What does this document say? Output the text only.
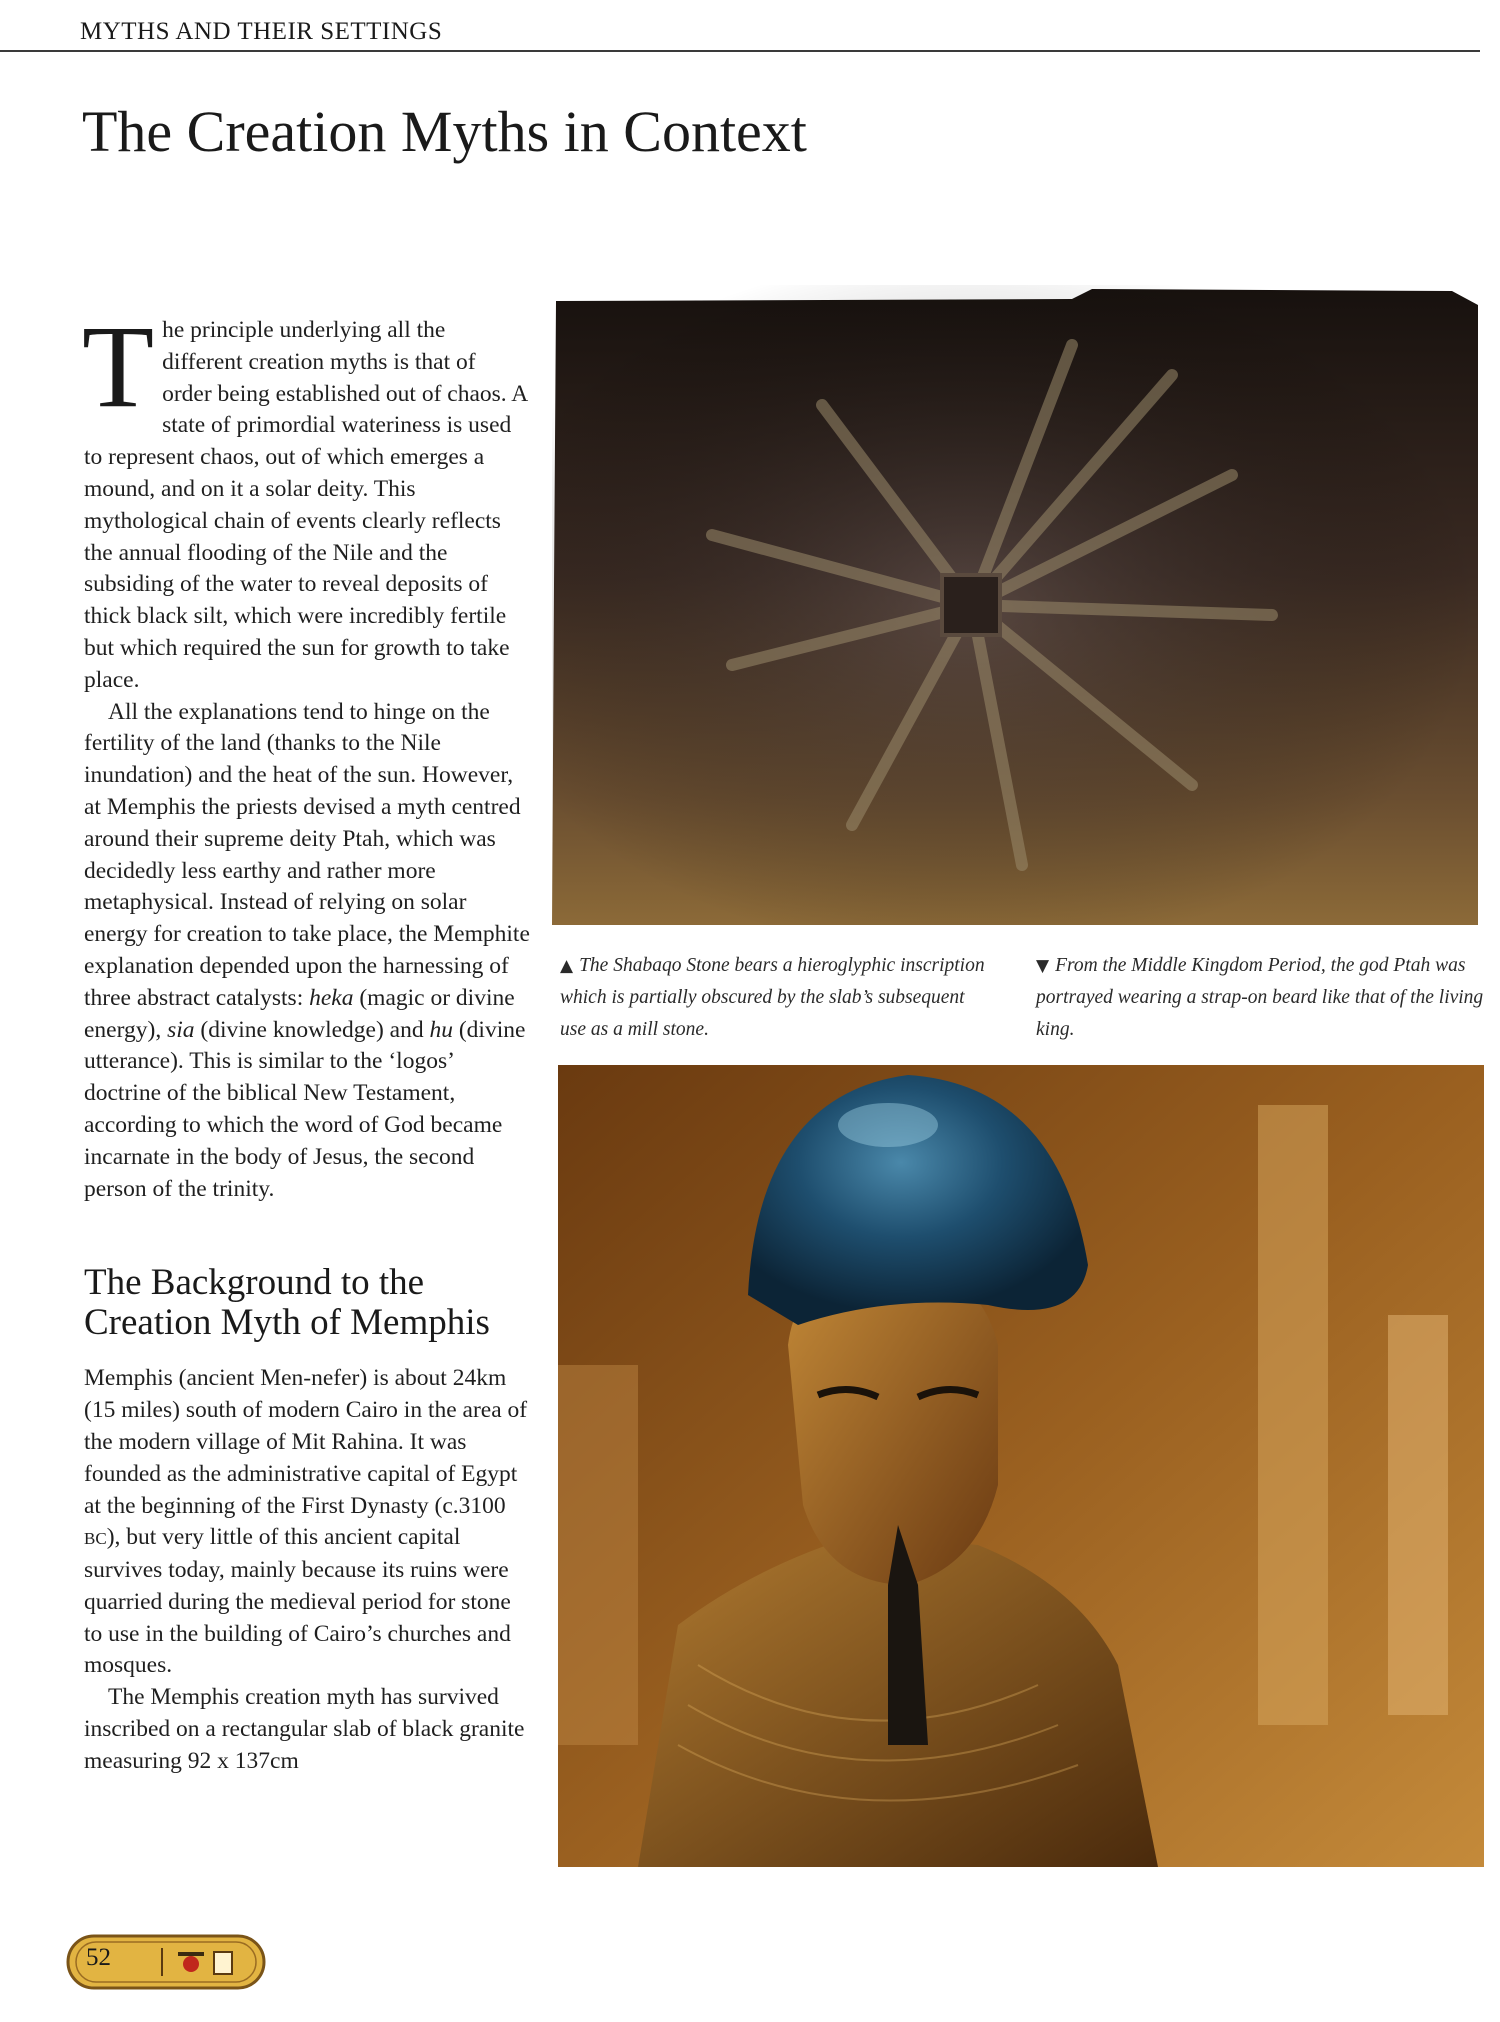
MYTHS AND THEIR SETTINGS
The Creation Myths in Context

The principle underlying all the different creation myths is that of order being established out of chaos. A state of primordial wateriness is used to represent chaos, out of which emerges a mound, and on it a solar deity. This mythological chain of events clearly reflects the annual flooding of the Nile and the subsiding of the water to reveal deposits of thick black silt, which were incredibly fertile but which required the sun for growth to take place.

All the explanations tend to hinge on the fertility of the land (thanks to the Nile inundation) and the heat of the sun. However, at Memphis the priests devised a myth centred around their supreme deity Ptah, which was decidedly less earthy and rather more metaphysical. Instead of relying on solar energy for creation to take place, the Memphite explanation depended upon the harnessing of three abstract catalysts: heka (magic or divine energy), sia (divine knowledge) and hu (divine utterance). This is similar to the ‘logos’ doctrine of the biblical New Testament, according to which the word of God became incarnate in the body of Jesus, the second person of the trinity.

The Background to the Creation Myth of Memphis

Memphis (ancient Men-nefer) is about 24km (15 miles) south of modern Cairo in the area of the modern village of Mit Rahina. It was founded as the administrative capital of Egypt at the beginning of the First Dynasty (c.3100 BC), but very little of this ancient capital survives today, mainly because its ruins were quarried during the medieval period for stone to use in the building of Cairo’s churches and mosques.

The Memphis creation myth has survived inscribed on a rectangular slab of black granite measuring 92 x 137cm

▲ The Shabaqo Stone bears a hieroglyphic inscription which is partially obscured by the slab’s subsequent use as a mill stone.
▼ From the Middle Kingdom Period, the god Ptah was portrayed wearing a strap-on beard like that of the living king.
52
